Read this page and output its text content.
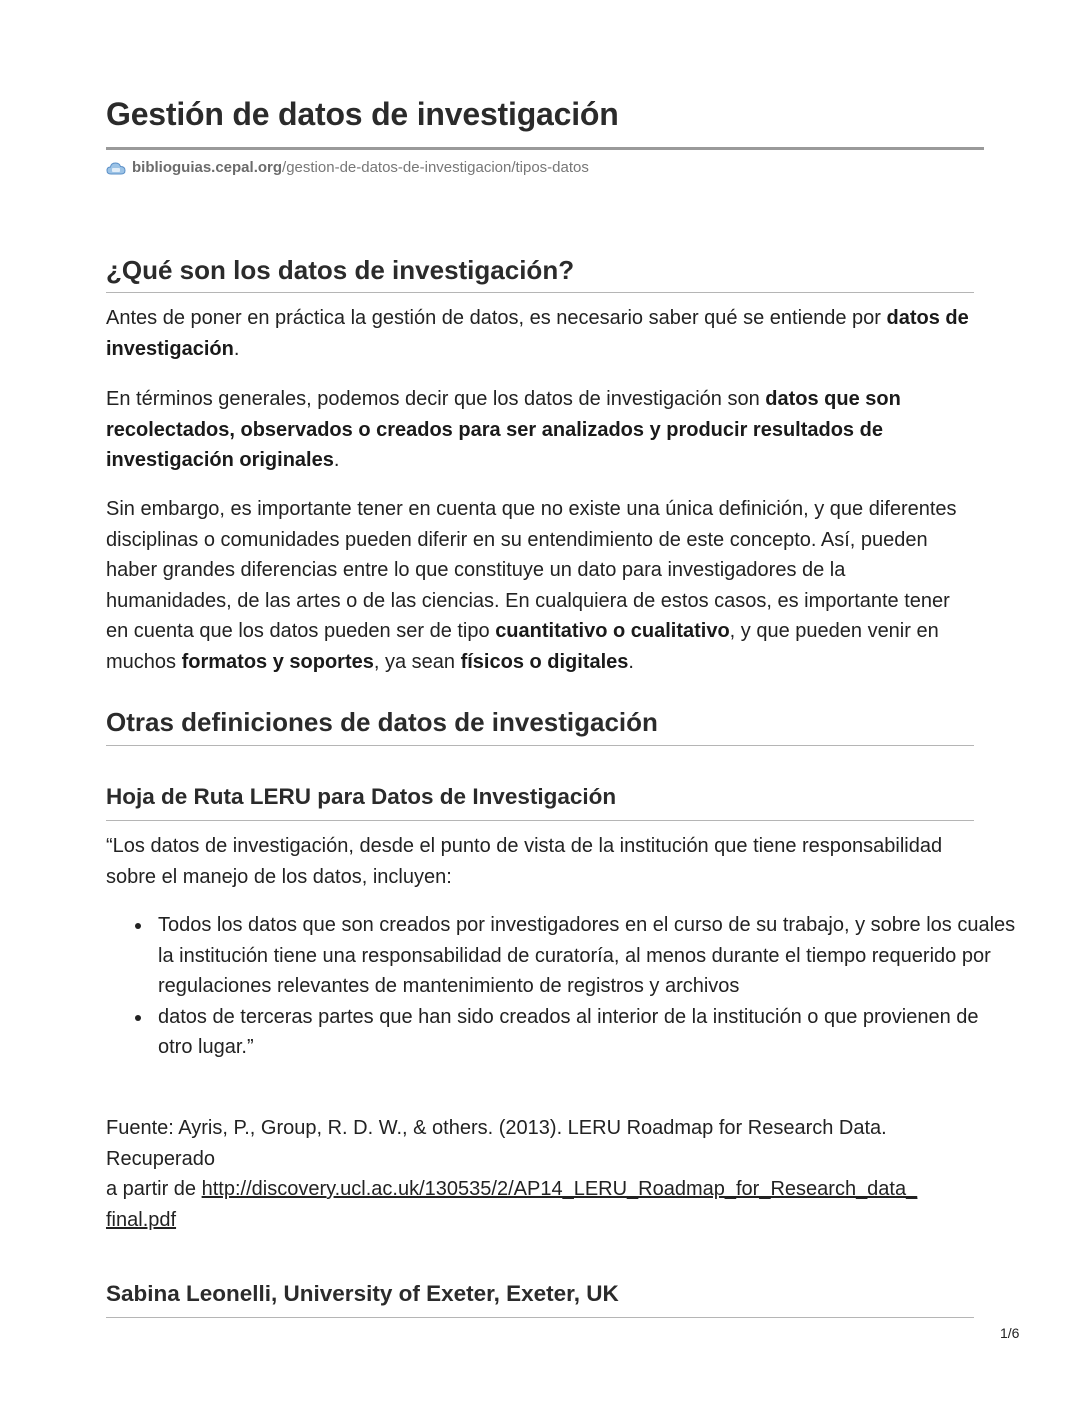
Gestión de datos de investigación
biblioguias.cepal.org/gestion-de-datos-de-investigacion/tipos-datos
¿Qué son los datos de investigación?

Antes de poner en práctica la gestión de datos, es necesario saber qué se entiende por datos de investigación.

En términos generales, podemos decir que los datos de investigación son datos que son recolectados, observados o creados para ser analizados y producir resultados de investigación originales.

Sin embargo, es importante tener en cuenta que no existe una única definición, y que diferentes disciplinas o comunidades pueden diferir en su entendimiento de este concepto. Así, pueden haber grandes diferencias entre lo que constituye un dato para investigadores de la humanidades, de las artes o de las ciencias. En cualquiera de estos casos, es importante tener en cuenta que los datos pueden ser de tipo cuantitativo o cualitativo, y que pueden venir en muchos formatos y soportes, ya sean físicos o digitales.

Otras definiciones de datos de investigación
Hoja de Ruta LERU para Datos de Investigación

“Los datos de investigación, desde el punto de vista de la institución que tiene responsabilidad sobre el manejo de los datos, incluyen:

Todos los datos que son creados por investigadores en el curso de su trabajo, y sobre los cuales la institución tiene una responsabilidad de curatoría, al menos durante el tiempo requerido por regulaciones relevantes de mantenimiento de registros y archivos
datos de terceras partes que han sido creados al interior de la institución o que provienen de otro lugar.”

Fuente: Ayris, P., Group, R. D. W., & others. (2013). LERU Roadmap for Research Data.
Recuperado
a partir de http://discovery.ucl.ac.uk/130535/2/AP14_LERU_Roadmap_for_Research_data_
final.pdf

Sabina Leonelli, University of Exeter, Exeter, UK
1/6
